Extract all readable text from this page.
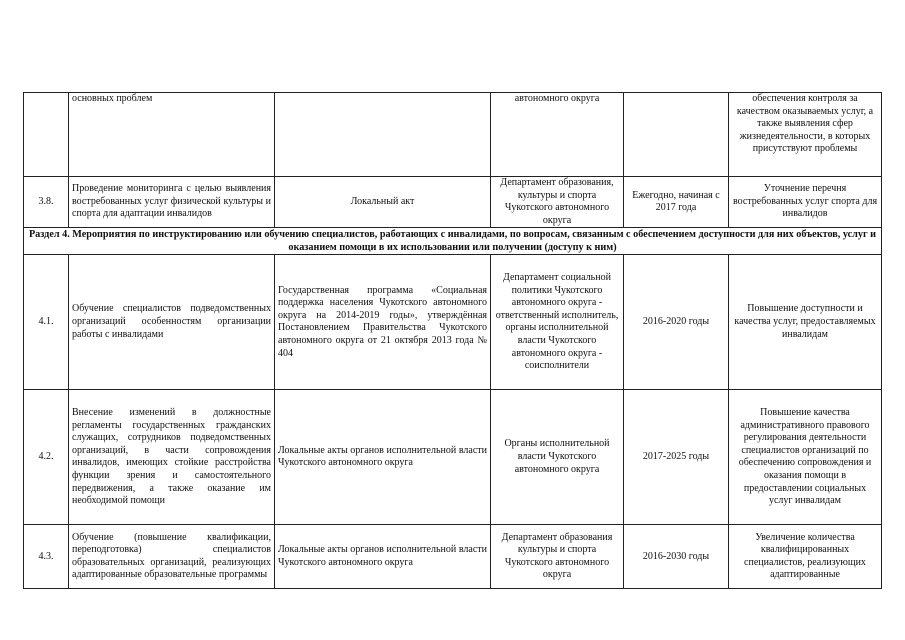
	основных проблем		автономного округа		обеспечения контроля за качеством оказываемых услуг, а также выявления сфер жизнедеятельности, в которых присутствуют проблемы
3.8.	Проведение мониторинга с целью выявления востребованных услуг физической культуры и спорта для адаптации инвалидов	Локальный акт	Департамент образования, культуры и спорта Чукотского автономного округа	Ежегодно, начиная с 2017 года	Уточнение перечня востребованных услуг спорта для инвалидов
Раздел 4. Мероприятия по инструктированию или обучению специалистов, работающих с инвалидами, по вопросам, связанным с обеспечением доступности для них объектов, услуг и оказанием помощи в их использовании или получении (доступу к ним)					
4.1.	Обучение специалистов подведомственных организаций особенностям организации работы с инвалидами	Государственная программа «Социальная поддержка населения Чукотского автономного округа на 2014-2019 годы», утверждённая Постановлением Правительства Чукотского автономного округа от 21 октября 2013 года № 404	Департамент социальной политики Чукотского автономного округа - ответственный исполнитель, органы исполнительной власти Чукотского автономного округа - соисполнители	2016-2020 годы	Повышение доступности и качества услуг, предоставляемых инвалидам
4.2.	Внесение изменений в должностные регламенты государственных гражданских служащих, сотрудников подведомственных организаций, в части сопровождения инвалидов, имеющих стойкие расстройства функции зрения и самостоятельного передвижения, а также оказание им необходимой помощи	Локальные акты органов исполнительной власти Чукотского автономного округа	Органы исполнительной власти Чукотского автономного округа	2017-2025 годы	Повышение качества административного правового регулирования деятельности специалистов организаций по обеспечению сопровождения и оказания помощи в предоставлении социальных услуг инвалидам
4.3.	Обучение (повышение квалификации, переподготовка) специалистов образовательных организаций, реализующих адаптированные образовательные программы	Локальные акты органов исполнительной власти Чукотского автономного округа	Департамент образования культуры и спорта Чукотского автономного округа	2016-2030 годы	Увеличение количества квалифицированных специалистов, реализующих адаптированные
